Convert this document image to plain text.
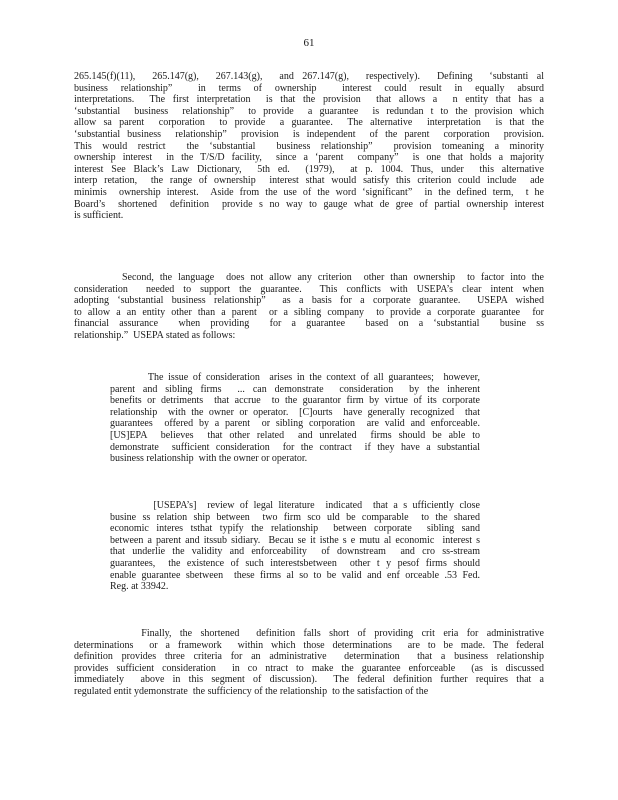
61
265.145(f)(11),  265.147(g),  267.143(g),  and 267.147(g),  respectively).  Defining  ‘substanti al
business relationship”  in terms of ownership  interest could result in equally absurd
interpretations.  The first interpretation  is that the provision  that allows a  n entity that has a
‘substantial  business  relationship”  to provide  a guarantee  is redundan t to the provision which
allow sa parent  corporation  to provide  a guarantee.  The alternative  interpretation  is that the
‘substantial business  relationship”  provision  is independent  of the parent  corporation  provision.
This would restrict  the ‘substantial  business relationship”  provision tomeaning a minority
ownership interest  in the T/S/D facility,  since a ‘parent  company”  is one that holds a majority
interest See Black’s Law Dictionary,  5th ed.  (1979),  at p. 1004. Thus, under  this alternative
interp retation,  the range of ownership  interest sthat would satisfy this criterion could include  ade
minimis  ownership interest.  Aside from the use of the word ‘significant”  in the defined term,  t he
Board’s  shortened  definition  provide s no way to gauge what de gree of partial ownership interest
is sufficient.
Second, the language  does not allow any criterion  other than ownership  to factor into the
consideration  needed to support the guarantee.  This conflicts with USEPA’s clear intent when
adopting ‘substantial business relationship”  as a basis for a corporate guarantee.  USEPA wished
to allow a an entity other than a parent  or a sibling company  to provide a corporate guarantee  for
financial assurance  when providing  for a guarantee  based on a ‘substantial  busine ss
relationship.”  USEPA stated as follows:
The issue of consideration  arises in the context of all guarantees;  however,
parent and sibling firms  ... can demonstrate  consideration  by the inherent
benefits or detriments  that accrue  to the guarantor firm by virtue of its corporate
relationship  with the owner or operator.  [C]ourts  have generally recognized  that
guarantees  offered by a parent  or sibling corporation  are valid and enforceable.
[US]EPA  believes  that other related  and unrelated  firms should be able to
demonstrate  sufficient consideration  for the contract  if they have a substantial
business relationship  with the owner or operator.
[USEPA’s]  review of legal literature  indicated  that a s ufficiently close
busine ss relation ship between  two firm sco uld be comparable  to the shared
economic interes tsthat typify the relationship  between corporate  sibling sand
between a parent and itssub sidiary.  Becau se it isthe s e mutu al economic  interest s
that underlie the validity and enforceability  of downstream  and cro ss-stream
guarantees,  the existence of such interestsbetween  other t y pesof firms should
enable guarantee sbetween  these firms al so to be valid and enf orceable .53 Fed.
Reg. at 33942.
Finally, the shortened  definition falls short of providing crit eria for administrative
determinations  or a framework  within which those determinations  are to be made. The federal
definition provides three criteria for an administrative  determination  that a business relationship
provides sufficient consideration  in co ntract to make the guarantee enforceable  (as is discussed
immediately  above in this segment of discussion).  The federal definition further requires that a
regulated entit ydemonstrate  the sufficiency of the relationship  to the satisfaction of the
